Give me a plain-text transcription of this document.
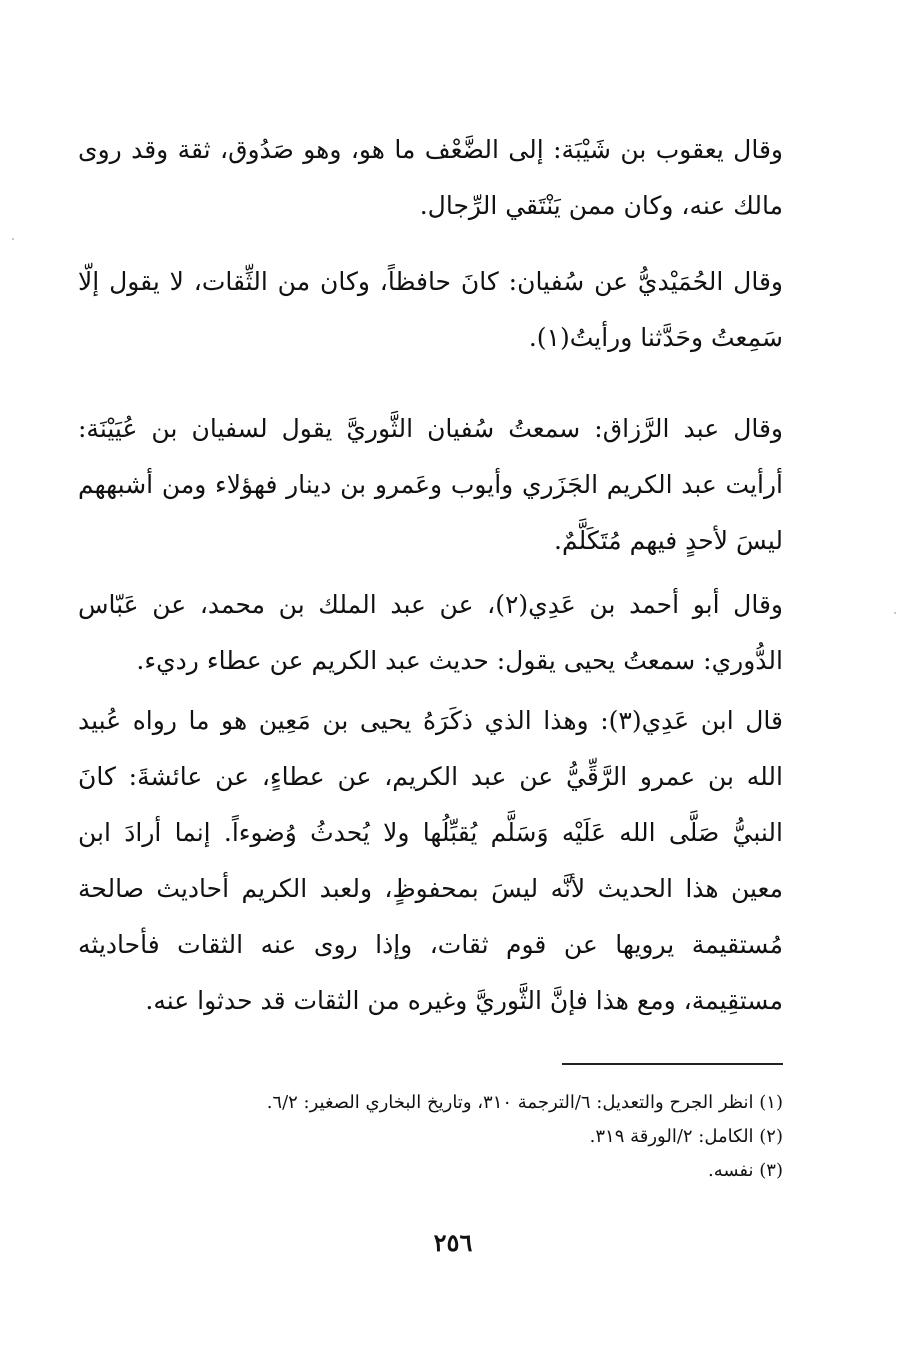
وقال يعقوب بن شَيْبَة: إلى الضَّعْف ما هو، وهو صَدُوق، ثقة وقد روى مالك عنه، وكان ممن يَنْتَقي الرِّجال.

وقال الحُمَيْديُّ عن سُفيان: كانَ حافظاً، وكان من الثِّقات، لا يقول إلّا سَمِعتُ وحَدَّثنا ورأيتُ(١).

وقال عبد الرَّزاق: سمعتُ سُفيان الثَّوريَّ يقول لسفيان بن عُيَيْنَة: أرأيت عبد الكريم الجَزَري وأيوب وعَمرو بن دينار فهؤلاء ومن أشبههم ليسَ لأحدٍ فيهم مُتَكَلَّمٌ.

وقال أبو أحمد بن عَدِي(٢)، عن عبد الملك بن محمد، عن عَبّاس الدُّوري: سمعتُ يحيى يقول: حديث عبد الكريم عن عطاء رديء.

قال ابن عَدِي(٣): وهذا الذي ذكَرَهُ يحيى بن مَعِين هو ما رواه عُبيد الله بن عمرو الرَّقِّيُّ عن عبد الكريم، عن عطاءٍ، عن عائشةَ: كانَ النبيُّ صَلَّى الله عَلَيْه وَسَلَّم يُقبِّلُها ولا يُحدثُ وُضوءاً. إنما أرادَ ابن معين هذا الحديث لأنَّه ليسَ بمحفوظٍ، ولعبد الكريم أحاديث صالحة مُستقيمة يرويها عن قوم ثقات، وإذا روى عنه الثقات فأحاديثه مستقِيمة، ومع هذا فإنَّ الثَّوريَّ وغيره من الثقات قد حدثوا عنه.

(١) انظر الجرح والتعديل: ٦/الترجمة ٣١٠، وتاريخ البخاري الصغير: ٦/٢.
(٢) الكامل: ٢/الورقة ٣١٩.
(٣) نفسه.
٢٥٦
